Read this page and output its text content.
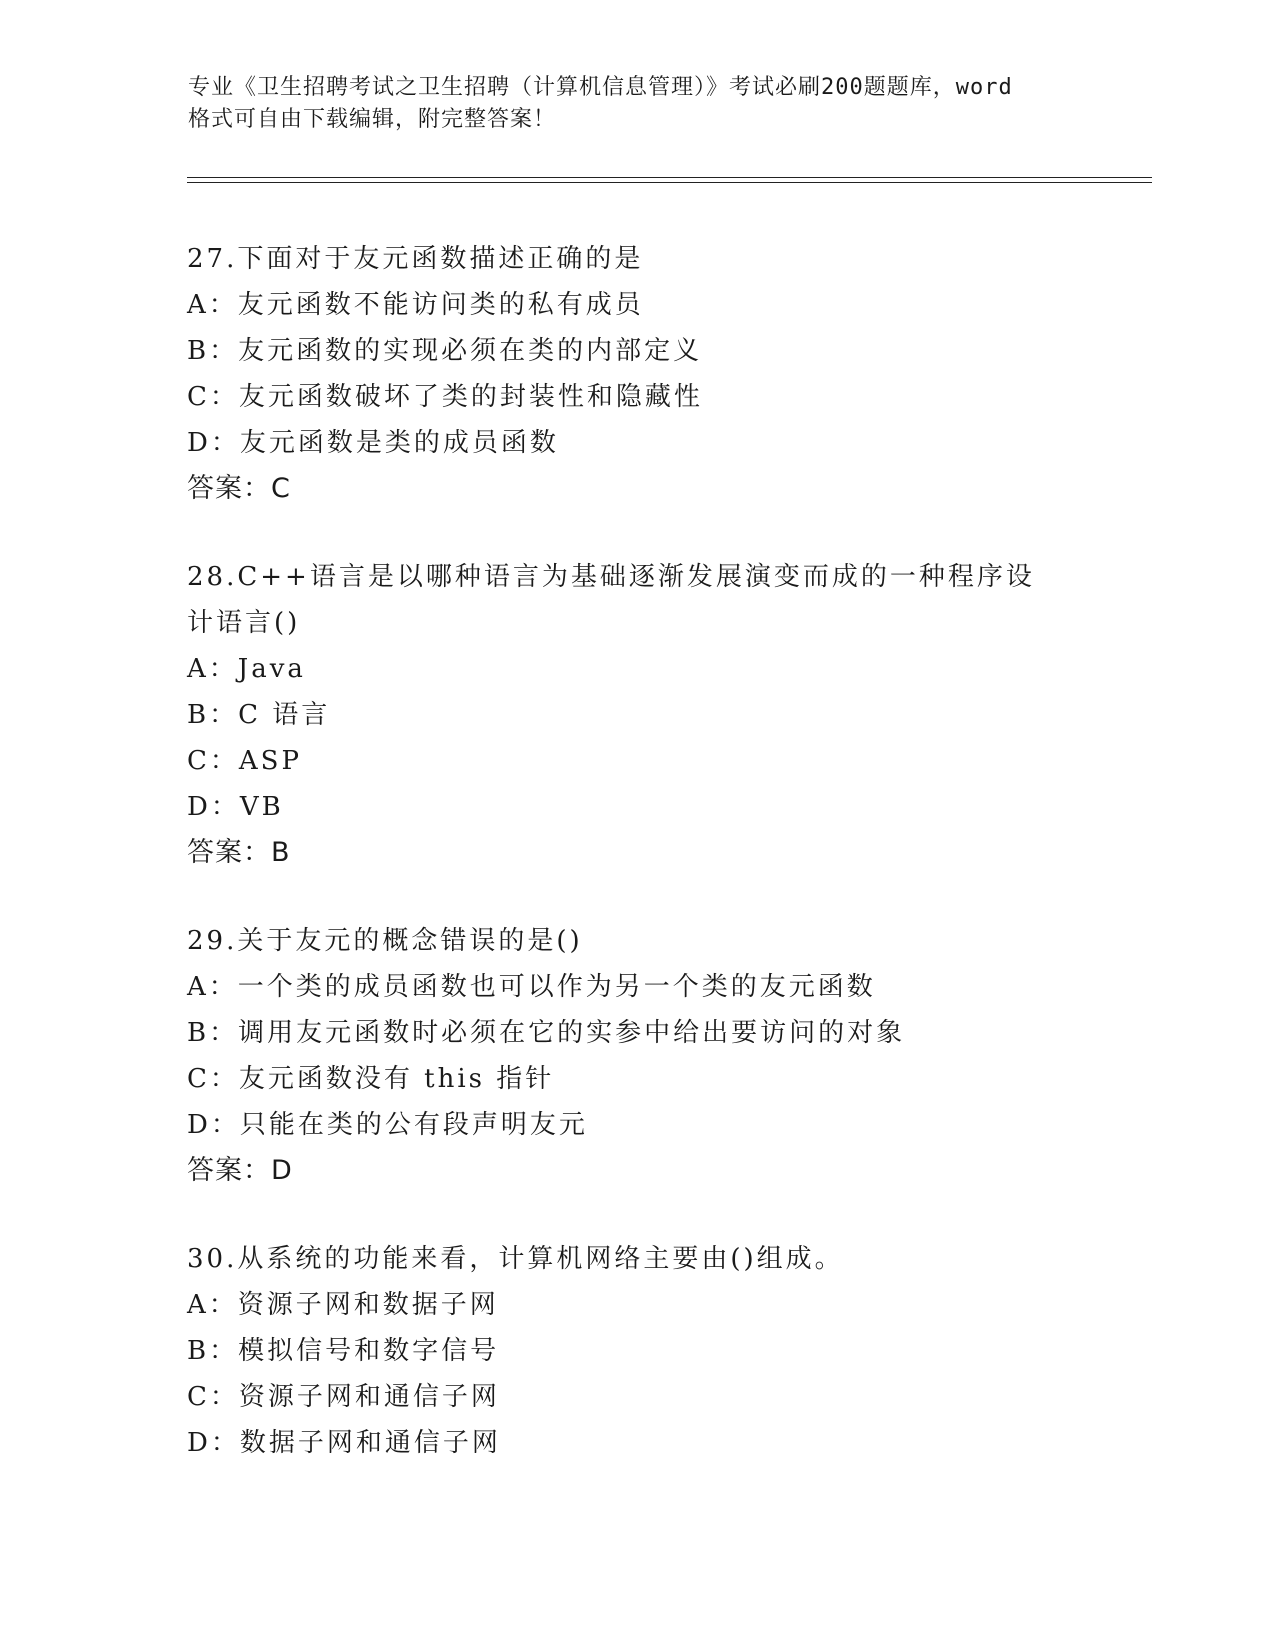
专业《卫生招聘考试之卫生招聘（计算机信息管理）》考试必刷200题题库，word
格式可自由下载编辑，附完整答案！
27.下面对于友元函数描述正确的是
A：友元函数不能访问类的私有成员
B：友元函数的实现必须在类的内部定义
C：友元函数破坏了类的封装性和隐藏性
D：友元函数是类的成员函数
答案：C
28.C++语言是以哪种语言为基础逐渐发展演变而成的一种程序设计语言()
A：Java
B：C 语言
C：ASP
D：VB
答案：B
29.关于友元的概念错误的是()
A：一个类的成员函数也可以作为另一个类的友元函数
B：调用友元函数时必须在它的实参中给出要访问的对象
C：友元函数没有 this 指针
D：只能在类的公有段声明友元
答案：D
30.从系统的功能来看，计算机网络主要由()组成。
A：资源子网和数据子网
B：模拟信号和数字信号
C：资源子网和通信子网
D：数据子网和通信子网
